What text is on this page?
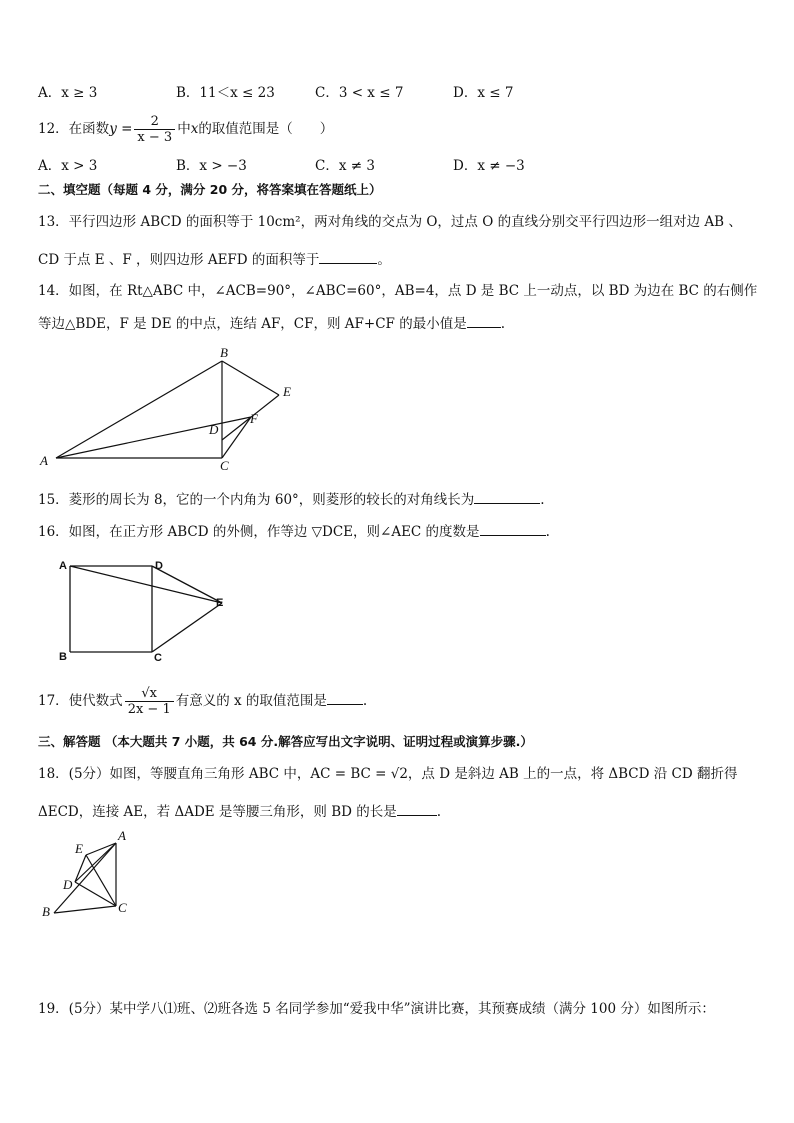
A．x ≥ 3	B．11＜x ≤ 23	C．3 < x ≤ 7	D．x ≤ 7
12．在函数$y = \frac{2}{x - 3}$ 中x的取值范围是（　　）
A．x > 3	B．x > −3	C．x ≠ 3	D．x ≠ −3
二、填空题（每题 4 分，满分 20 分，将答案填在答题纸上）
13．平行四边形 ABCD 的面积等于 10cm²，两对角线的交点为 O，过点 O 的直线分别交平行四边形一组对边 AB 、
CD 于点 E 、F ，则四边形 AEFD 的面积等于	。
14．如图，在 Rt△ABC 中，∠ACB=90°，∠ABC=60°，AB=4，点 D 是 BC 上一动点，以 BD 为边在 BC 的右侧作
等边△BDE，F 是 DE 的中点，连结 AF，CF，则 AF+CF 的最小值是	.
B
E
F
D
C
A
15．菱形的周长为 8，它的一个内角为 60°，则菱形的较长的对角线长为	.
16．如图，在正方形 ABCD 的外侧，作等边 ▽DCE，则∠AEC 的度数是	.
A	D
E
B	C
17．使代数式 $\frac{√x}{2x - 1}$ 有意义的 x 的取值范围是	.
三、解答题 （本大题共 7 小题，共 64 分.解答应写出文字说明、证明过程或演算步骤.）
18．(5分）如图，等腰直角三角形 ABC 中，AC = BC = √2，点 D 是斜边 AB 上的一点，将 ΔBCD 沿 CD 翻折得
ΔECD，连接 AE，若 ΔADE 是等腰三角形，则 BD 的长是	.
A
E
D
B	C
19．(5分）某中学八⑴班、⑵班各选 5 名同学参加“爱我中华”演讲比赛，其预赛成绩（满分 100 分）如图所示：
